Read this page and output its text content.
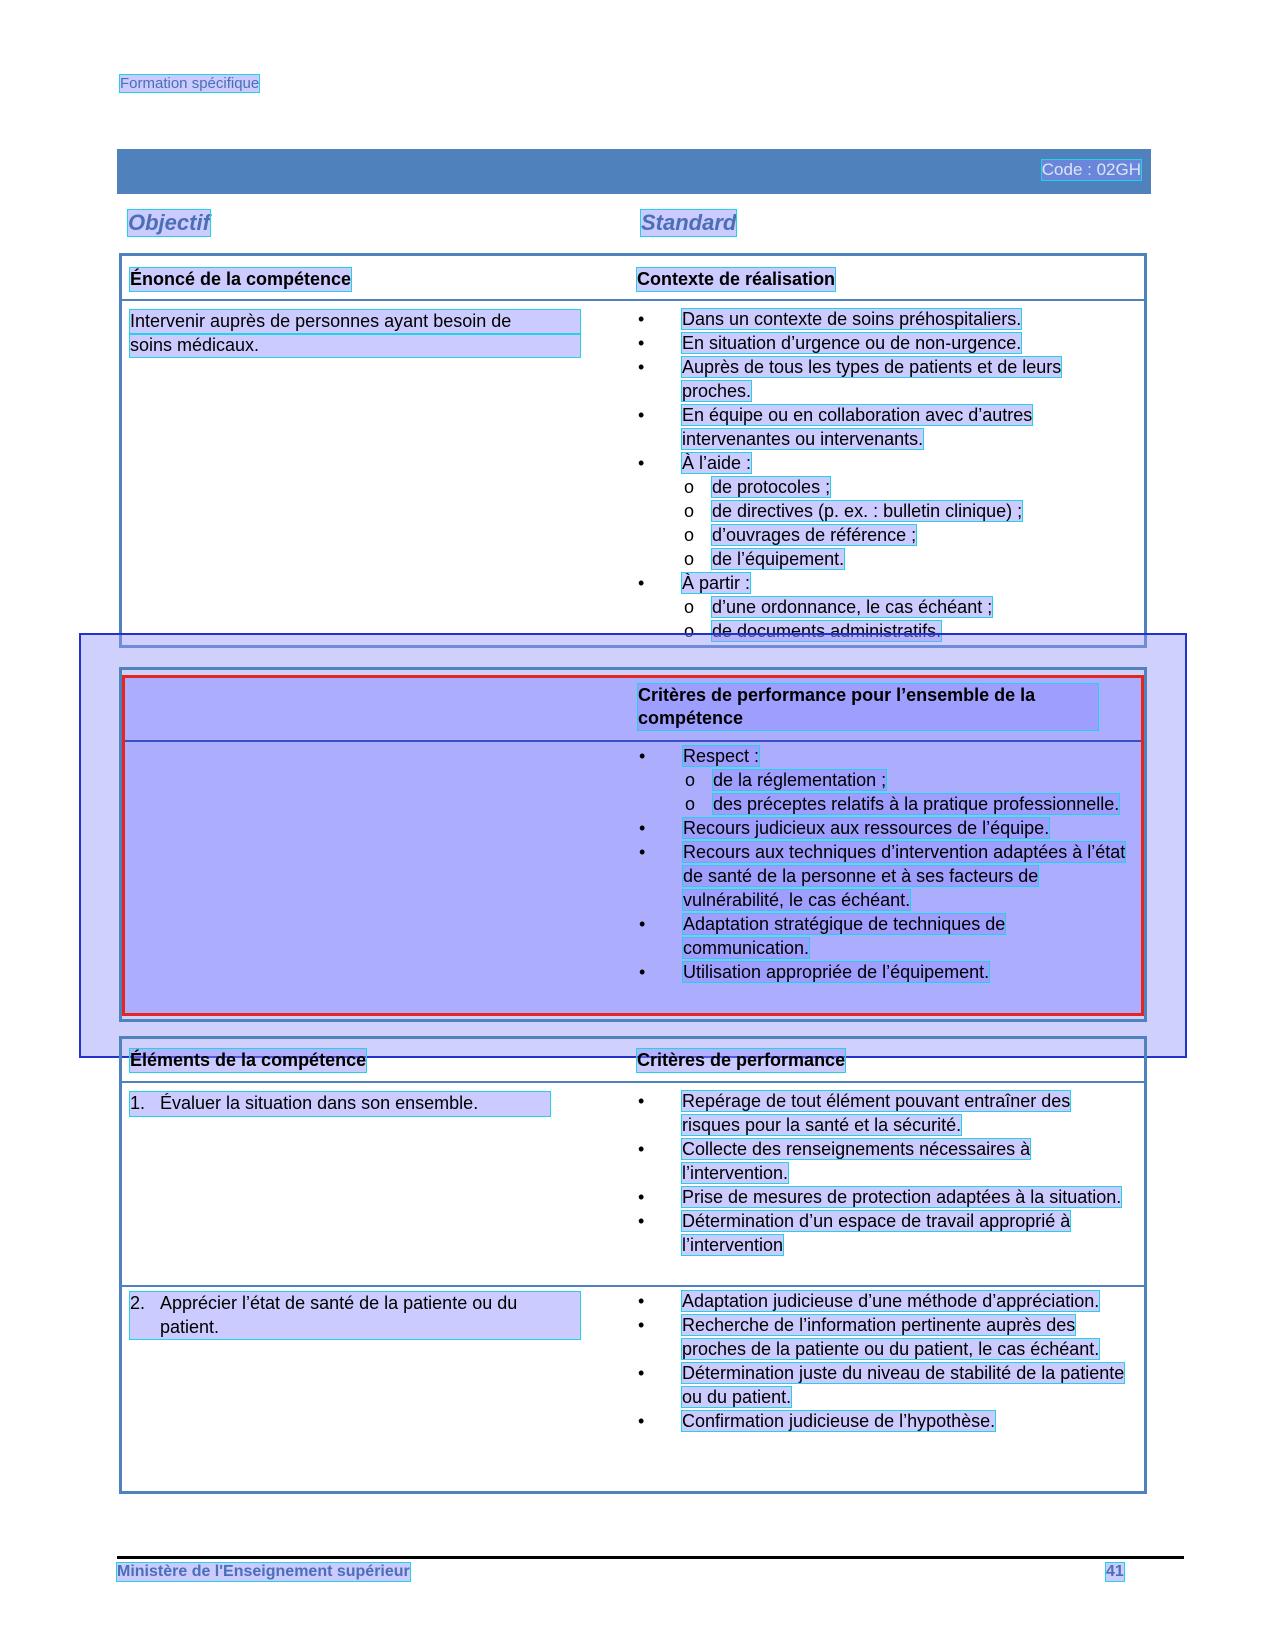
Formation spécifique
Code : 02GH
Objectif	Standard
Énoncé de la compétence	Contexte de réalisation
Intervenir auprès de personnes ayant besoin de
soins médicaux.
• Dans un contexte de soins préhospitaliers.
• En situation d’urgence ou de non-urgence.
• Auprès de tous les types de patients et de leurs proches.
• En équipe ou en collaboration avec d’autres intervenantes ou intervenants.
• À l’aide :
o de protocoles ;
o de directives (p. ex. : bulletin clinique) ;
o d’ouvrages de référence ;
o de l’équipement.
• À partir :
o d’une ordonnance, le cas échéant ;
o de documents administratifs.
Critères de performance pour l’ensemble de la compétence
• Respect :
o de la réglementation ;
o des préceptes relatifs à la pratique professionnelle.
• Recours judicieux aux ressources de l’équipe.
• Recours aux techniques d’intervention adaptées à l’état de santé de la personne et à ses facteurs de vulnérabilité, le cas échéant.
• Adaptation stratégique de techniques de communication.
• Utilisation appropriée de l’équipement.
Éléments de la compétence	Critères de performance
1. Évaluer la situation dans son ensemble.	• Repérage de tout élément pouvant entraîner des risques pour la santé et la sécurité.
• Collecte des renseignements nécessaires à l’intervention.
• Prise de mesures de protection adaptées à la situation.
• Détermination d’un espace de travail approprié à l’intervention
2. Apprécier l’état de santé de la patiente ou du patient.
• Adaptation judicieuse d’une méthode d’appréciation.
• Recherche de l’information pertinente auprès des proches de la patiente ou du patient, le cas échéant.
• Détermination juste du niveau de stabilité de la patiente ou du patient.
• Confirmation judicieuse de l’hypothèse.
Ministère de l'Enseignement supérieur	41
